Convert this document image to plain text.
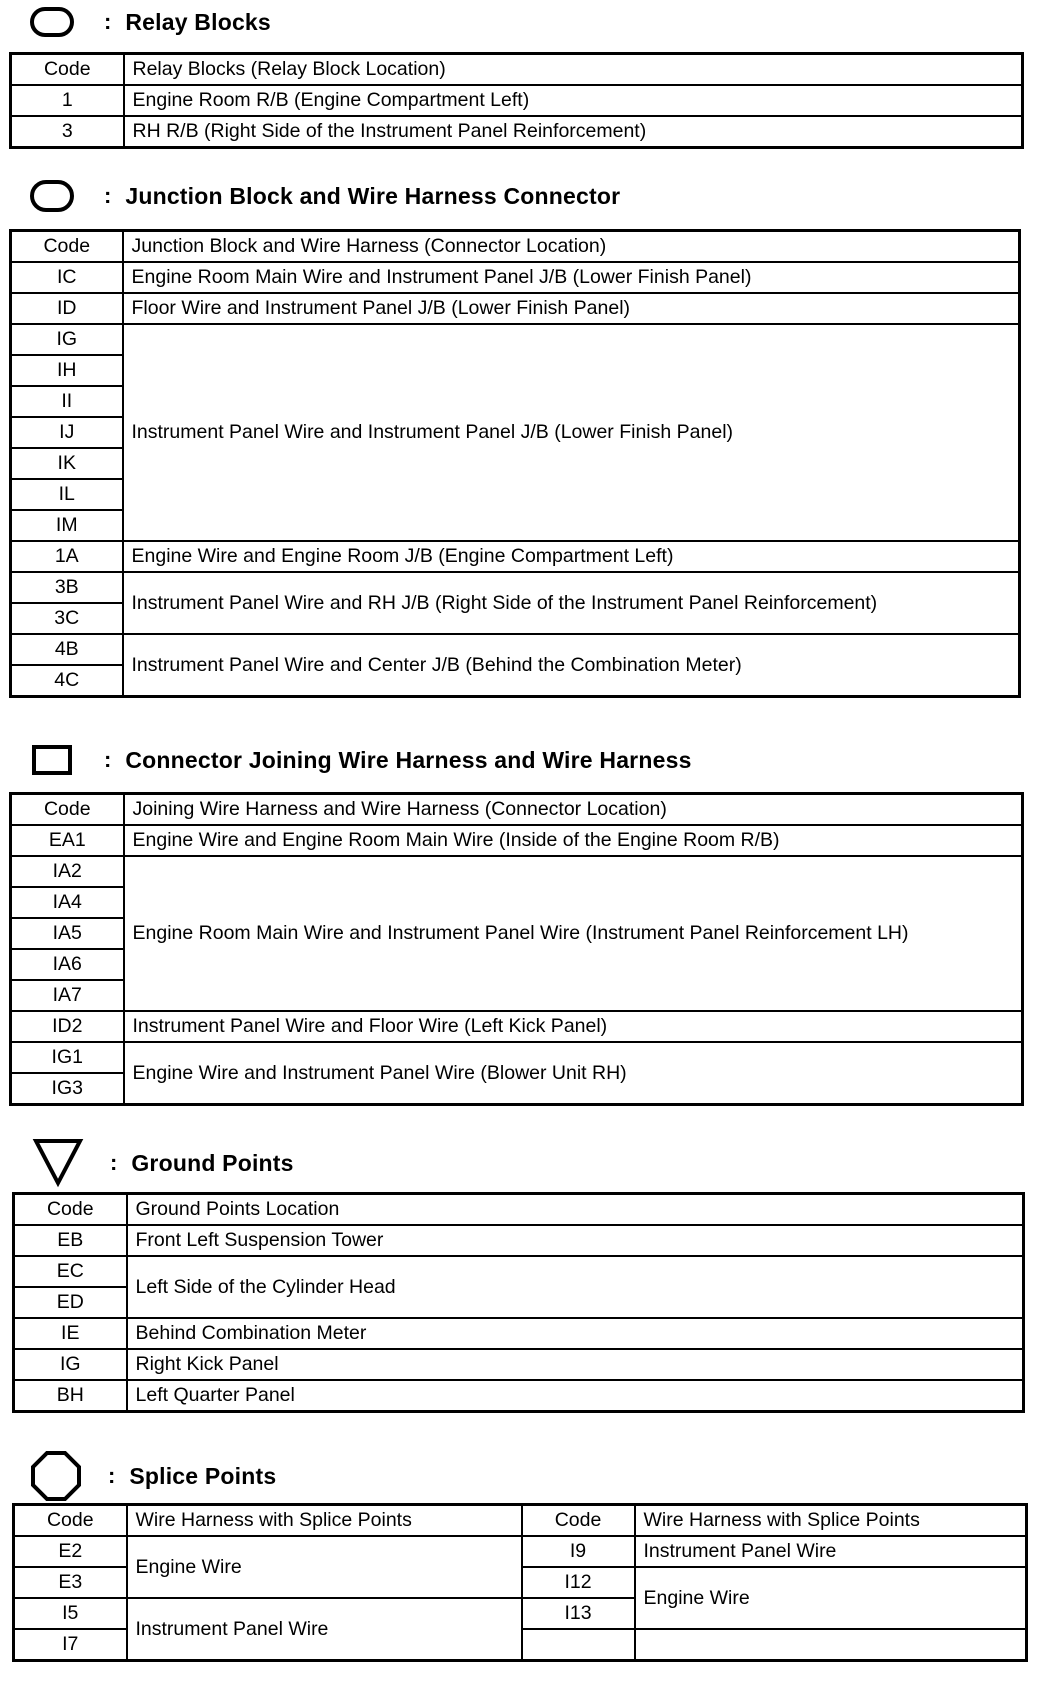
: Relay Blocks
Code	Relay Blocks (Relay Block Location)
1	Engine Room R/B (Engine Compartment Left)
3	RH R/B (Right Side of the Instrument Panel Reinforcement)
: Junction Block and Wire Harness Connector
Code	Junction Block and Wire Harness (Connector Location)
IC	Engine Room Main Wire and Instrument Panel J/B (Lower Finish Panel)
ID	Floor Wire and Instrument Panel J/B (Lower Finish Panel)
IG	Instrument Panel Wire and Instrument Panel J/B (Lower Finish Panel)
IH	
II	
IJ	
IK	
IL	
IM	
1A	Engine Wire and Engine Room J/B (Engine Compartment Left)
3B	Instrument Panel Wire and RH J/B (Right Side of the Instrument Panel Reinforcement)
3C	
4B	Instrument Panel Wire and Center J/B (Behind the Combination Meter)
4C	
: Connector Joining Wire Harness and Wire Harness
Code	Joining Wire Harness and Wire Harness (Connector Location)
EA1	Engine Wire and Engine Room Main Wire (Inside of the Engine Room R/B)
IA2	Engine Room Main Wire and Instrument Panel Wire (Instrument Panel Reinforcement LH)
IA4	
IA5	
IA6	
IA7	
ID2	Instrument Panel Wire and Floor Wire (Left Kick Panel)
IG1	Engine Wire and Instrument Panel Wire (Blower Unit RH)
IG3	
: Ground Points
Code	Ground Points Location
EB	Front Left Suspension Tower
EC	Left Side of the Cylinder Head
ED	
IE	Behind Combination Meter
IG	Right Kick Panel
BH	Left Quarter Panel
: Splice Points
Code	Wire Harness with Splice Points	Code	Wire Harness with Splice Points
E2	Engine Wire	I9	Instrument Panel Wire
E3		I12	Engine Wire
I5	Instrument Panel Wire	I13	
I7			
